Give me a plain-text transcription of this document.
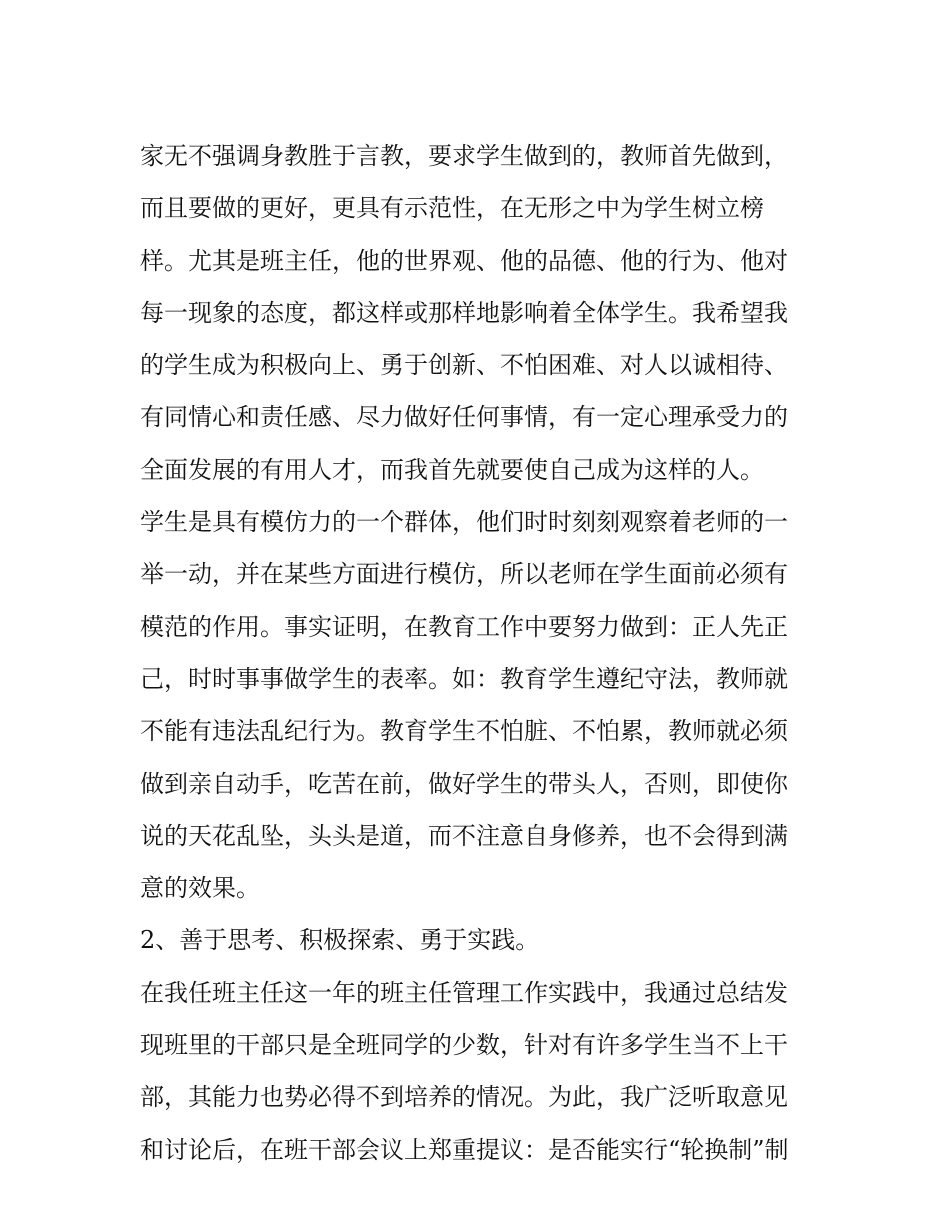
家无不强调身教胜于言教，要求学生做到的，教师首先做到，
而且要做的更好，更具有示范性，在无形之中为学生树立榜
样。尤其是班主任，他的世界观、他的品德、他的行为、他对
每一现象的态度，都这样或那样地影响着全体学生。我希望我
的学生成为积极向上、勇于创新、不怕困难、对人以诚相待、
有同情心和责任感、尽力做好任何事情，有一定心理承受力的
全面发展的有用人才，而我首先就要使自己成为这样的人。
学生是具有模仿力的一个群体，他们时时刻刻观察着老师的一
举一动，并在某些方面进行模仿，所以老师在学生面前必须有
模范的作用。事实证明，在教育工作中要努力做到：正人先正
己，时时事事做学生的表率。如：教育学生遵纪守法，教师就
不能有违法乱纪行为。教育学生不怕脏、不怕累，教师就必须
做到亲自动手，吃苦在前，做好学生的带头人，否则，即使你
说的天花乱坠，头头是道，而不注意自身修养，也不会得到满
意的效果。
2、善于思考、积极探索、勇于实践。
在我任班主任这一年的班主任管理工作实践中，我通过总结发
现班里的干部只是全班同学的少数，针对有许多学生当不上干
部，其能力也势必得不到培养的情况。为此，我广泛听取意见
和讨论后，在班干部会议上郑重提议：是否能实行“轮换制”制
